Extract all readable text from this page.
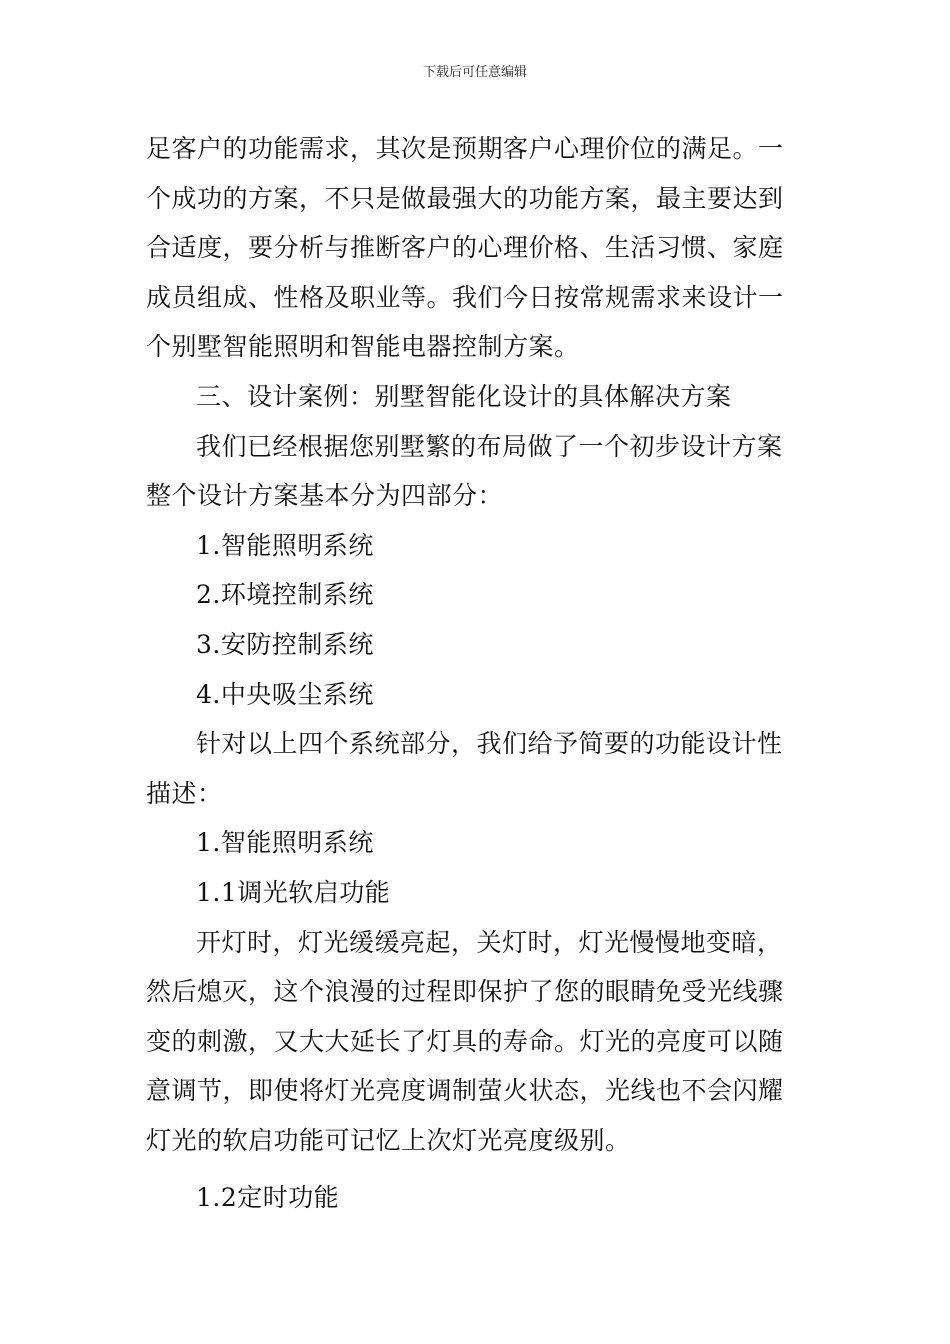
下载后可任意编辑
足客户的功能需求，其次是预期客户心理价位的满足。一
个成功的方案，不只是做最强大的功能方案，最主要达到
合适度，要分析与推断客户的心理价格、生活习惯、家庭
成员组成、性格及职业等。我们今日按常规需求来设计一
个别墅智能照明和智能电器控制方案。
三、设计案例：别墅智能化设计的具体解决方案
我们已经根据您别墅繁的布局做了一个初步设计方案
整个设计方案基本分为四部分：
1.智能照明系统
2.环境控制系统
3.安防控制系统
4.中央吸尘系统
针对以上四个系统部分，我们给予简要的功能设计性
描述：
1.智能照明系统
1.1调光软启功能
开灯时，灯光缓缓亮起，关灯时，灯光慢慢地变暗，
然后熄灭，这个浪漫的过程即保护了您的眼睛免受光线骤
变的刺激，又大大延长了灯具的寿命。灯光的亮度可以随
意调节，即使将灯光亮度调制萤火状态，光线也不会闪耀
灯光的软启功能可记忆上次灯光亮度级别。
1.2定时功能
